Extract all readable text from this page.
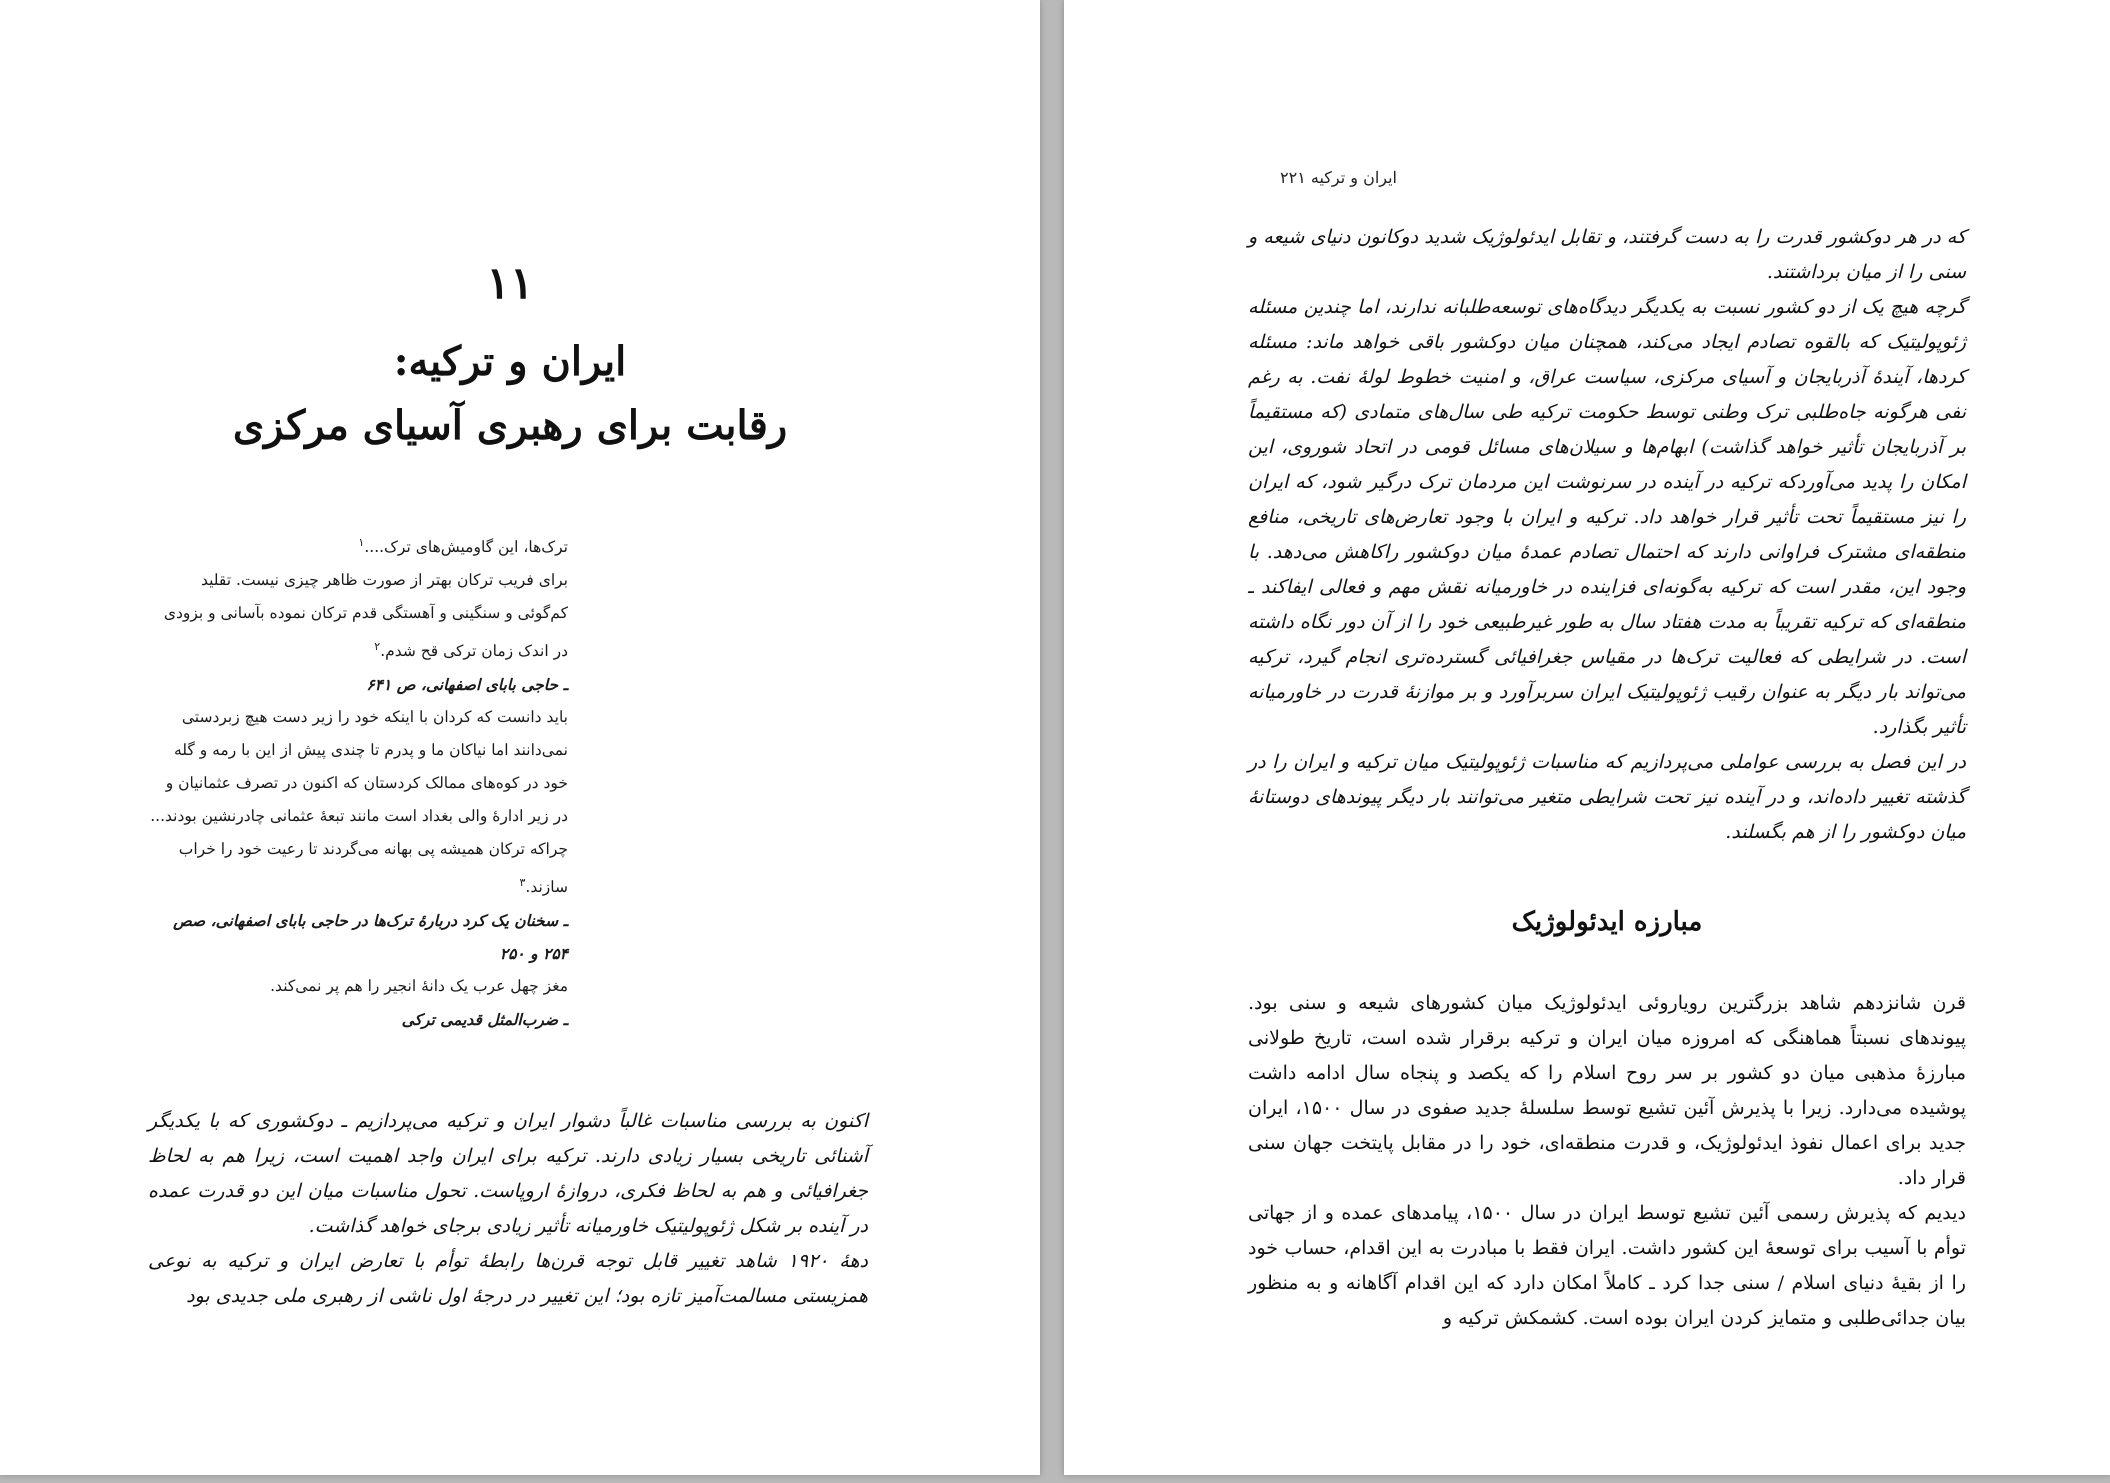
۱۱
ایران و ترکیه:
رقابت برای رهبری آسیای مرکزی

ترک‌ها، این گاومیش‌های ترک....$^۱$
برای فریب ترکان بهتر از صورت ظاهر چیزی نیست. تقلید کم‌گوئی و سنگینی و آهستگی قدم ترکان نموده بآسانی و بزودی در اندک زمان ترکی قح شدم.$^۲$

ـ حاجی بابای اصفهانی، ص ۶۴۱

باید دانست که کردان با اینکه خود را زیر دست هیچ زبردستی نمی‌دانند اما نیاکان ما و پدرم تا چندی پیش از این با رمه و گله خود در کوه‌های ممالک کردستان که اکنون در تصرف عثمانیان و در زیر ادارهٔ والی بغداد است مانند تبعهٔ عثمانی چادرنشین بودند... چراکه ترکان همیشه پی بهانه می‌گردند تا رعیت خود را خراب سازند.$^۳$

ـ سخنان یک کرد دربارهٔ ترک‌ها در حاجی بابای اصفهانی، صص ۲۵۴ و ۲۵۰

مغز چهل عرب یک دانهٔ انجیر را هم پر نمی‌کند.

ـ ضرب‌المثل قدیمی ترکی

اکنون به بررسی مناسبات غالباً دشوار ایران و ترکیه می‌پردازیم ـ دوکشوری که با یکدیگر آشنائی تاریخی بسیار زیادی دارند. ترکیه برای ایران واجد اهمیت است، زیرا هم به لحاظ جغرافیائی و هم به لحاظ فکری، دروازهٔ اروپاست. تحول مناسبات میان این دو قدرت عمده در آینده بر شکل ژئوپولیتیک خاورمیانه تأثیر زیادی برجای خواهد گذاشت.

دههٔ ۱۹۲۰ شاهد تغییر قابل توجه قرن‌ها رابطهٔ توأم با تعارض ایران و ترکیه به نوعی همزیستی مسالمت‌آمیز تازه بود؛ این تغییر در درجهٔ اول ناشی از رهبری ملی جدیدی بود

ایران و ترکیه ۲۲۱

که در هر دوکشور قدرت را به دست گرفتند، و تقابل ایدئولوژیک شدید دوکانون دنیای شیعه و سنی را از میان برداشتند.

گرچه هیچ یک از دو کشور نسبت به یکدیگر دیدگاه‌های توسعه‌طلبانه ندارند، اما چندین مسئله ژئوپولیتیک که بالقوه تصادم ایجاد می‌کند، همچنان میان دوکشور باقی خواهد ماند: مسئله کردها، آیندهٔ آذربایجان و آسیای مرکزی، سیاست عراق، و امنیت خطوط لولهٔ نفت. به رغم نفی هرگونه جاه‌طلبی ترک وطنی توسط حکومت ترکیه طی سال‌های متمادی (که مستقیماً بر آذربایجان تأثیر خواهد گذاشت) ابهام‌ها و سیلان‌های مسائل قومی در اتحاد شوروی، این امکان را پدید می‌آوردکه ترکیه در آینده در سرنوشت این مردمان ترک درگیر شود، که ایران را نیز مستقیماً تحت تأثیر قرار خواهد داد. ترکیه و ایران با وجود تعارض‌های تاریخی، منافع منطقه‌ای مشترک فراوانی دارند که احتمال تصادم عمدهٔ میان دوکشور راکاهش می‌دهد. با وجود این، مقدر است که ترکیه به‌گونه‌ای فزاینده در خاورمیانه نقش مهم و فعالی ایفاکند ـ منطقه‌ای که ترکیه تقریباً به مدت هفتاد سال به طور غیرطبیعی خود را از آن دور نگاه داشته است. در شرایطی که فعالیت ترک‌ها در مقیاس جغرافیائی گسترده‌تری انجام گیرد، ترکیه می‌تواند بار دیگر به عنوان رقیب ژئوپولیتیک ایران سربرآورد و بر موازنهٔ قدرت در خاورمیانه تأثیر بگذارد.

در این فصل به بررسی عواملی می‌پردازیم که مناسبات ژئوپولیتیک میان ترکیه و ایران را در گذشته تغییر داده‌اند، و در آینده نیز تحت شرایطی متغیر می‌توانند بار دیگر پیوندهای دوستانهٔ میان دوکشور را از هم بگسلند.

مبارزه ایدئولوژیک

قرن شانزدهم شاهد بزرگترین رویاروئی ایدئولوژیک میان کشورهای شیعه و سنی بود. پیوندهای نسبتاً هماهنگی که امروزه میان ایران و ترکیه برقرار شده است، تاریخ طولانی مبارزهٔ مذهبی میان دو کشور بر سر روح اسلام را که یکصد و پنجاه سال ادامه داشت پوشیده می‌دارد. زیرا با پذیرش آئین تشیع توسط سلسلهٔ جدید صفوی در سال ۱۵۰۰، ایران جدید برای اعمال نفوذ ایدئولوژیک، و قدرت منطقه‌ای، خود را در مقابل پایتخت جهان سنی قرار داد.

دیدیم که پذیرش رسمی آئین تشیع توسط ایران در سال ۱۵۰۰، پیامدهای عمده و از جهاتی توأم با آسیب برای توسعهٔ این کشور داشت. ایران فقط با مبادرت به این اقدام، حساب خود را از بقیهٔ دنیای اسلام / سنی جدا کرد ـ کاملاً امکان دارد که این اقدام آگاهانه و به منظور بیان جدائی‌طلبی و متمایز کردن ایران بوده است. کشمکش ترکیه و
